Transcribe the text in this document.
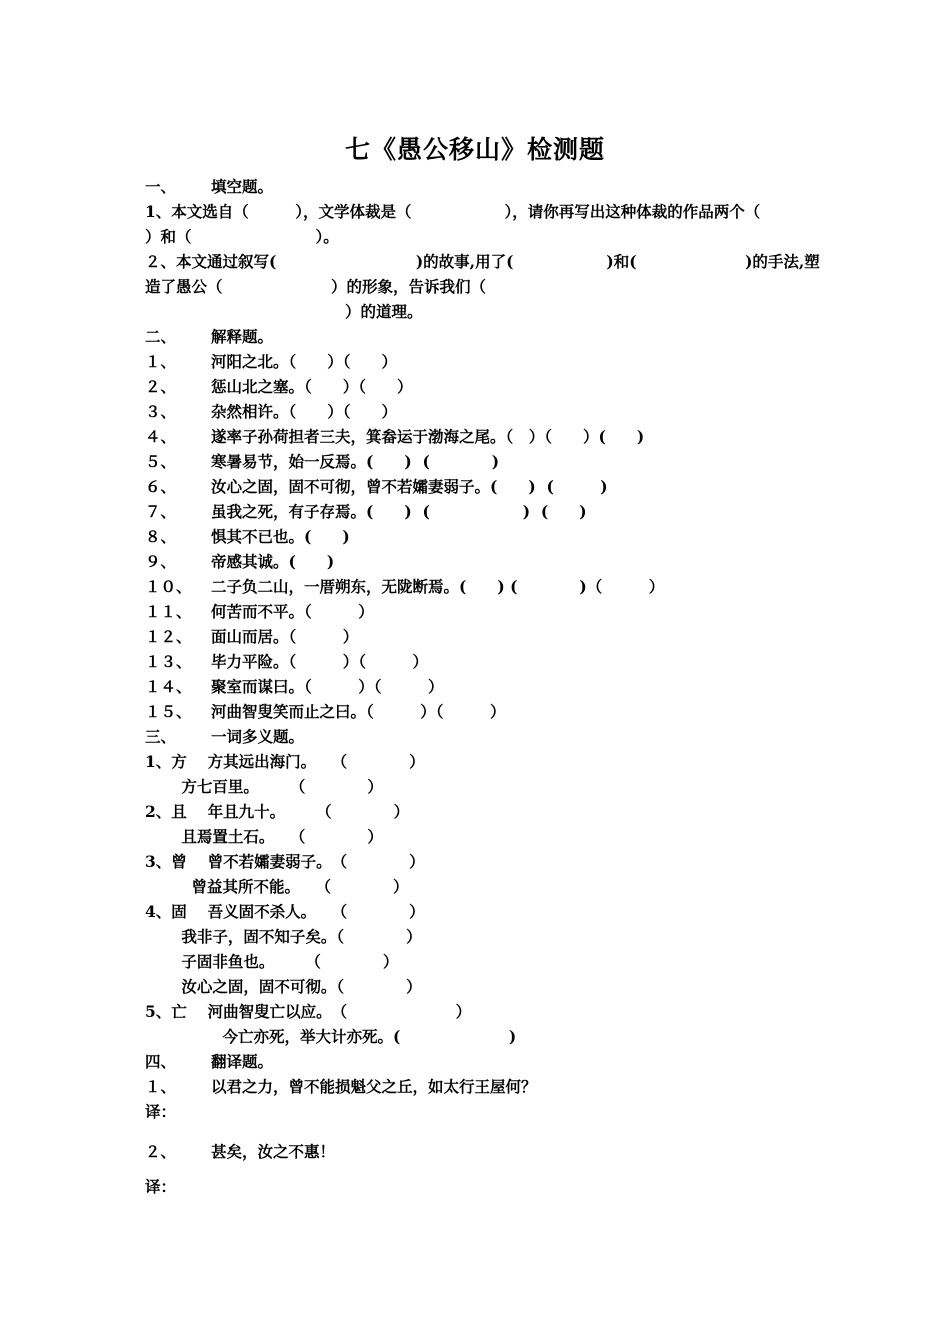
七《愚公移山》检测题
一、 填空题。
1、本文选自（　　　），文学体裁是（　　　　　　），请你再写出这种体裁的作品两个（
）和（　　　　　　　　）。
２、本文通过叙写(　　　　　　　　　)的故事,用了(　　　　　　)和(　　　　　　　)的手法,塑
造了愚公（　　　　　　　）的形象，告诉我们（
）的道理。
二、 解释题。
１、 河阳之北。（　　）（　　）
２、 惩山北之塞。（　　）（　　）
３、 杂然相许。（　　）（　　）
４、 遂率子孙荷担者三夫，箕畚运于渤海之尾。（　）（　　）(　　)
５、 寒暑易节，始一反焉。(　　)  (　　　　)
６、 汝心之固，固不可彻，曾不若孀妻弱子。(　　)  (　　　)
７、 虽我之死，有子存焉。(　　)  (　　　　　　)  (　　)
８、 惧其不已也。(　　)
９、 帝感其诚。(　　)
１０、 二子负二山，一厝朔东，无陇断焉。(　　) (　　　　)（　　　）
１１、 何苦而不平。（　　　）
１２、 面山而居。（　　　）
１３、 毕力平险。（　　　）（　　　）
１４、 聚室而谋曰。（　　　）（　　　）
１５、 河曲智叟笑而止之曰。（　　　）（　　　）
三、 一词多义题。
1、方　 方其远出海门。　　（　　　　）
　　 方七百里。　　　（　　　　）
2、且　 年且九十。　　　（　　　　）
　　 且焉置土石。　　（　　　　）
3、曾　 曾不若孀妻弱子。　（　　　　）
　　　曾益其所不能。　　（　　　　）
4、固　 吾义固不杀人。　　（　　　　）
　　 我非子，固不知子矣。（　　　　）
　　 子固非鱼也。　　　（　　　　）
　　 汝心之固，固不可彻。（　　　　）
5、亡　 河曲智叟亡以应。　（　　　　　　　）
　　　　　今亡亦死，举大计亦死。(　　　　　　　)
四、 翻译题。
１、 以君之力，曾不能损魁父之丘，如太行王屋何？
译：
２、 甚矣，汝之不惠！
译：
